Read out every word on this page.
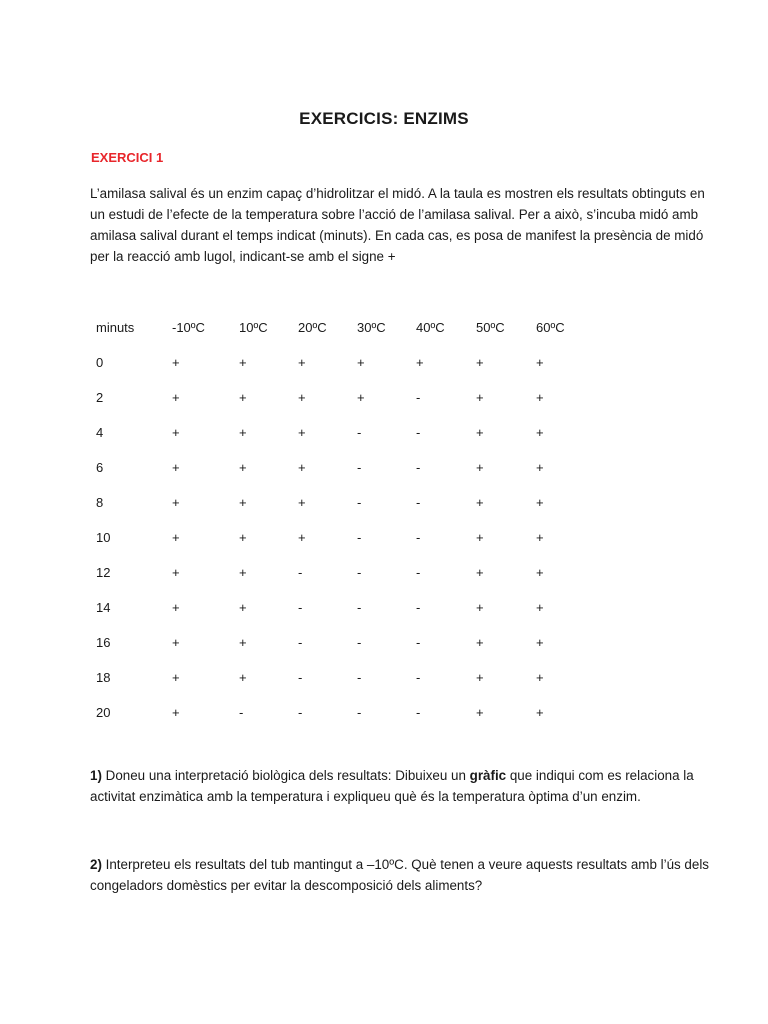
EXERCICIS: ENZIMS
EXERCICI 1
L’amilasa salival és un enzim capaç d’hidrolitzar el midó. A la taula es mostren els resultats obtinguts en
un estudi de l’efecte de la temperatura sobre l’acció de l’amilasa salival. Per a això, s’incuba midó amb
amilasa salival durant el temps indicat (minuts). En cada cas, es posa de manifest la presència de midó
per la reacció amb lugol, indicant-se amb el signe +
minuts	-10ºC	10ºC	20ºC	30ºC	40ºC	50ºC	60ºC
0	+	+	+	+	+	+	+
2	+	+	+	+	-	+	+
4	+	+	+	-	-	+	+
6	+	+	+	-	-	+	+
8	+	+	+	-	-	+	+
10	+	+	+	-	-	+	+
12	+	+	-	-	-	+	+
14	+	+	-	-	-	+	+
16	+	+	-	-	-	+	+
18	+	+	-	-	-	+	+
20	+	-	-	-	-	+	+
1) Doneu una interpretació biològica dels resultats: Dibuixeu un gràfic que indiqui com es relaciona la
activitat enzimàtica amb la temperatura i expliqueu què és la temperatura òptima d’un enzim.
2) Interpreteu els resultats del tub mantingut a –10ºC. Què tenen a veure aquests resultats amb l’ús dels
congeladors domèstics per evitar la descomposició dels aliments?
